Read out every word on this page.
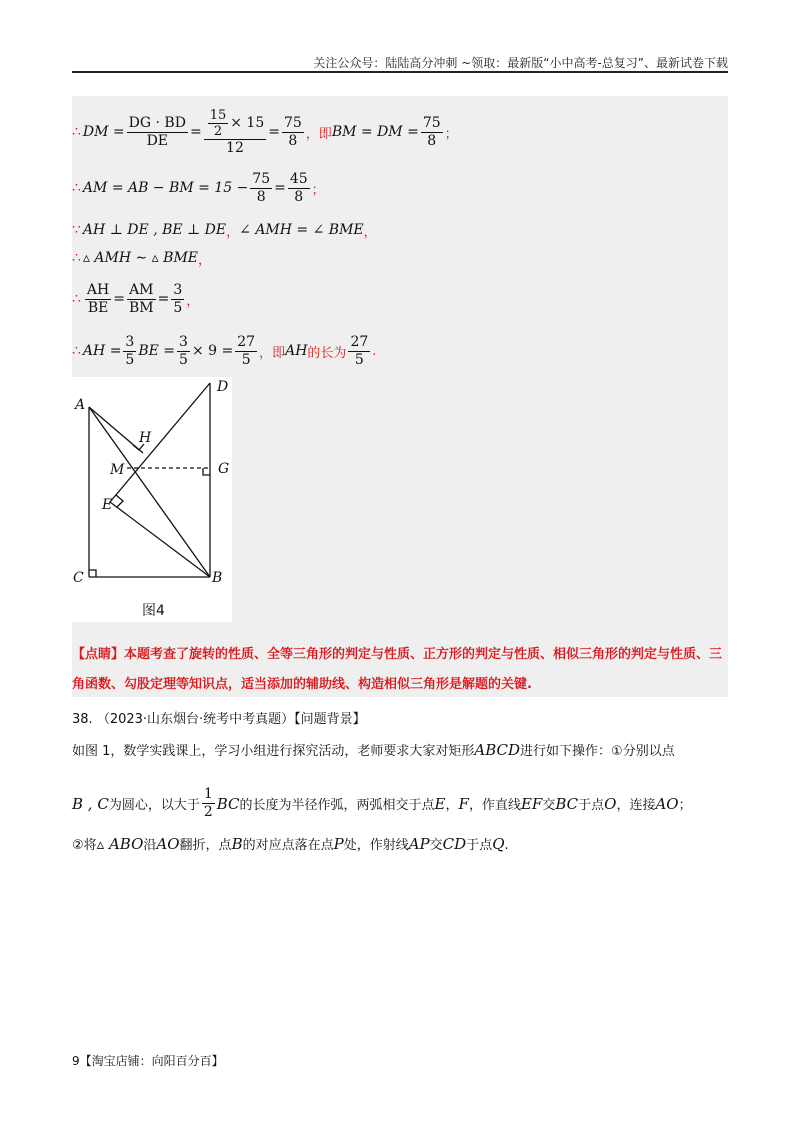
关注公众号：陆陆高分冲刺 ~领取：最新版“小中高考-总复习”、最新试卷下载
∴ DM = $\frac{DG \cdot BD}{DE} = \frac{\frac{15}{2} \times 15}{12} = \frac{75}{8}$ ，即 BM = DM = $\frac{75}{8}$ ；
∴ AM = AB − BM = $15 - \frac{75}{8} = \frac{45}{8}$ ；
∵ AH ⊥ DE , BE ⊥ DE ， ∠ AMH = ∠ BME ，
∴ ▵ AMH ∼ ▵ BME ，
∴ $\frac{AH}{BE} = \frac{AM}{BM} = \frac{3}{5}$ ，
∴ AH = $\frac{3}{5}$ BE = $\frac{3}{5} \times 9 = \frac{27}{5}$ ，即 AH 的长为 $\frac{27}{5}$ .
A
D
H
M	G
E
C	B
图4
【点睛】本题考查了旋转的性质、全等三角形的判定与性质、正方形的判定与性质、相似三角形的判定与性质、三角函数、勾股定理等知识点，适当添加的辅助线、构造相似三角形是解题的关键.
38. （2023·山东烟台·统考中考真题）【问题背景】
如图 1，数学实践课上，学习小组进行探究活动，老师要求大家对矩形ABCD进行如下操作：①分别以点
B , C 为圆心，以大于 $\frac{1}{2}$ BC 的长度为半径作弧，两弧相交于点 E ， F ，作直线 EF 交 BC 于点 O ，连接 AO ；
②将▵ ABO沿AO翻折，点B的对应点落在点P处，作射线AP交CD于点Q.
9【淘宝店铺：向阳百分百】
